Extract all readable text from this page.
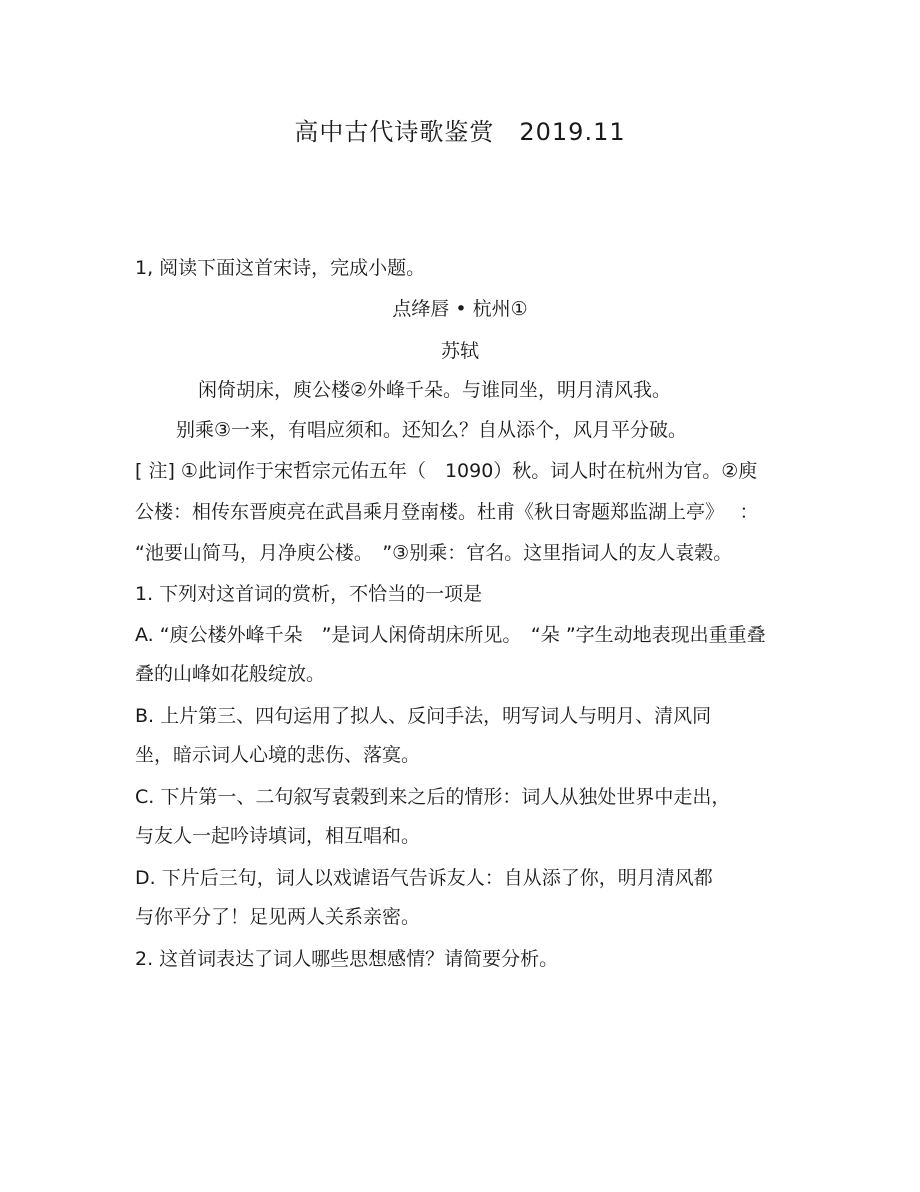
高中古代诗歌鉴赏　2019.11
1, 阅读下面这首宋诗，完成小题。
点绛唇 • 杭州①
苏轼
闲倚胡床，庾公楼②外峰千朵。与谁同坐，明月清风我。
别乘③一来，有唱应须和。还知么？自从添个，风月平分破。
[ 注] ①此词作于宋哲宗元佑五年（　1090）秋。词人时在杭州为官。②庾
公楼：相传东晋庾亮在武昌乘月登南楼。杜甫《秋日寄题郑监湖上亭》　 ：
“池要山简马，月净庾公楼。　”③别乘：官名。这里指词人的友人袁榖。
1. 下列对这首词的赏析，不恰当的一项是
A. “庾公楼外峰千朵　”是词人闲倚胡床所见。　“朵 ”字生动地表现出重重叠
叠的山峰如花般绽放。
B. 上片第三、四句运用了拟人、反问手法，明写词人与明月、清风同
坐，暗示词人心境的悲伤、落寞。
C. 下片第一、二句叙写袁榖到来之后的情形：词人从独处世界中走出，
与友人一起吟诗填词，相互唱和。
D. 下片后三句，词人以戏谑语气告诉友人：自从添了你，明月清风都
与你平分了！足见两人关系亲密。
2. 这首词表达了词人哪些思想感情？请简要分析。
